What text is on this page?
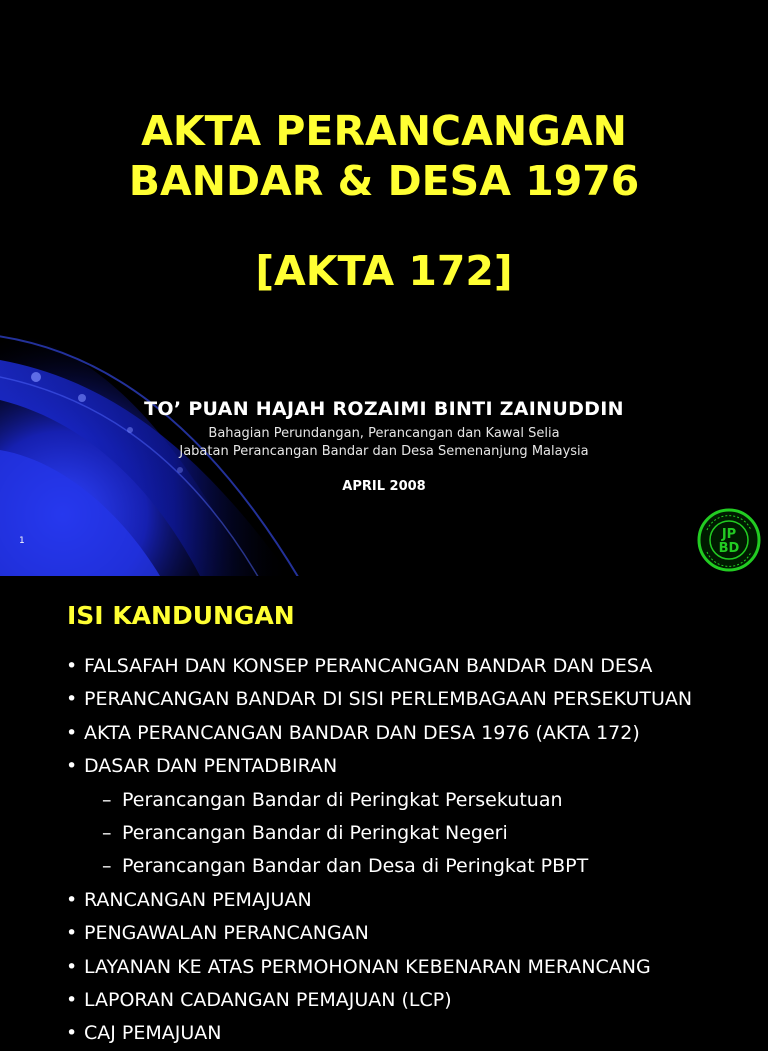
AKTA PERANCANGAN
BANDAR & DESA 1976
[AKTA 172]
TO’ PUAN HAJAH ROZAIMI BINTI ZAINUDDIN
Bahagian Perundangan, Perancangan dan Kawal Selia
Jabatan Perancangan Bandar dan Desa Semenanjung Malaysia
APRIL 2008
1	JP
BD
ISI KANDUNGAN
• FALSAFAH DAN KONSEP PERANCANGAN BANDAR DAN DESA
• PERANCANGAN BANDAR DI SISI PERLEMBAGAAN PERSEKUTUAN
• AKTA PERANCANGAN BANDAR DAN DESA 1976 (AKTA 172)
• DASAR DAN PENTADBIRAN
– Perancangan Bandar di Peringkat Persekutuan
– Perancangan Bandar di Peringkat Negeri
– Perancangan Bandar dan Desa di Peringkat PBPT
• RANCANGAN PEMAJUAN
• PENGAWALAN PERANCANGAN
• LAYANAN KE ATAS PERMOHONAN KEBENARAN MERANCANG
• LAPORAN CADANGAN PEMAJUAN (LCP)
• CAJ PEMAJUAN
